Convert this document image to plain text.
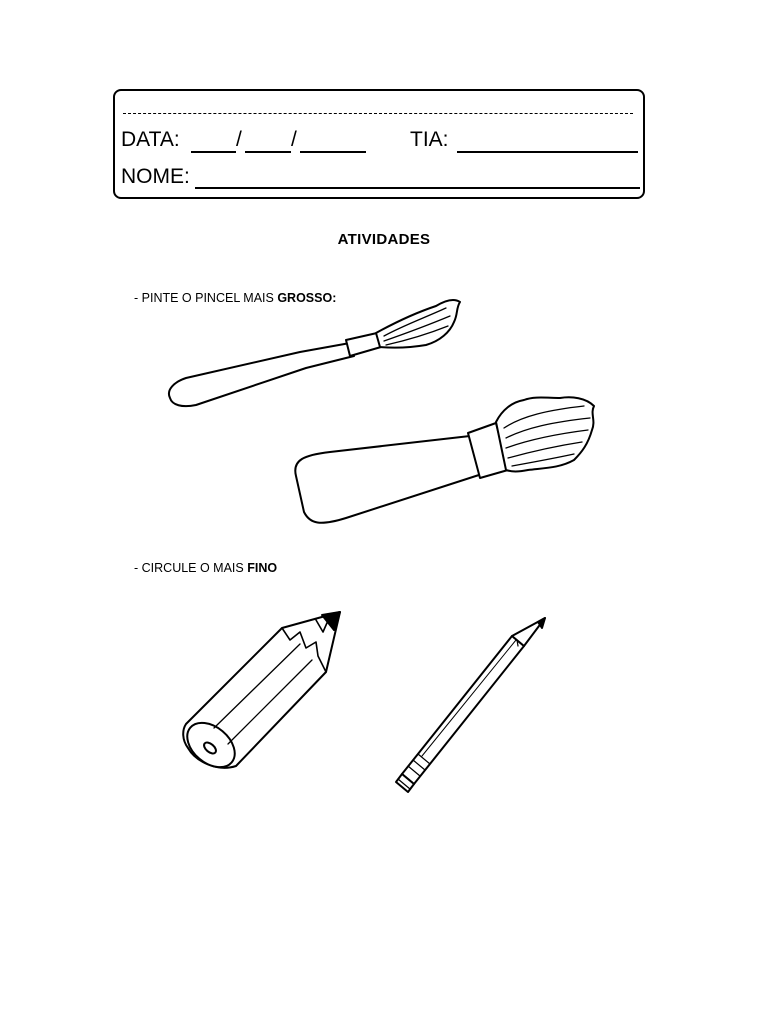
DATA:	/ /	TIA:
NOME:
ATIVIDADES
- PINTE O PINCEL MAIS GROSSO:
- CIRCULE O MAIS FINO
